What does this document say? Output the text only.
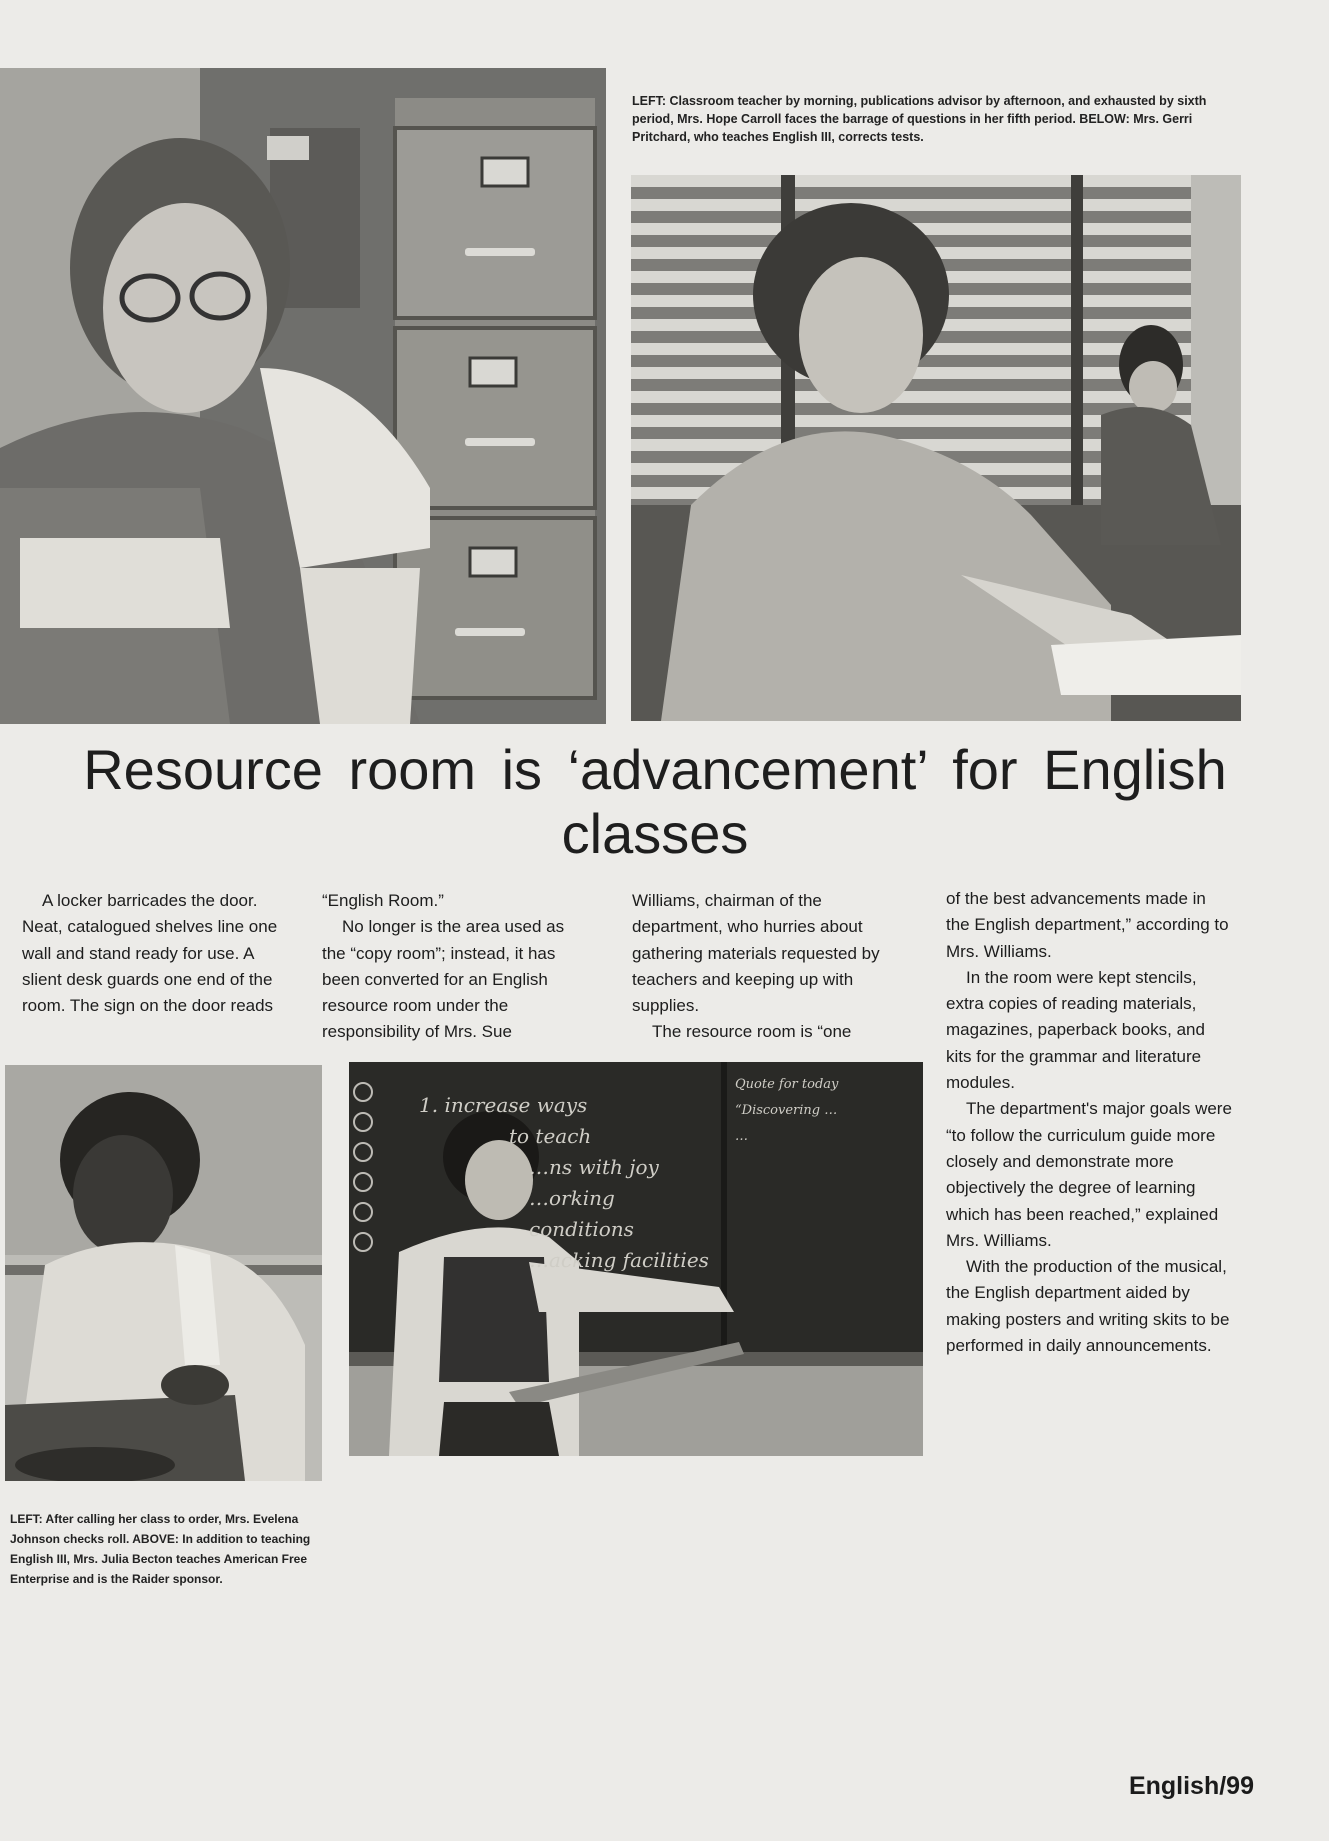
LEFT: Classroom teacher by morning, publications advisor by afternoon, and exhausted by sixth period, Mrs. Hope Carroll faces the barrage of questions in her fifth period. BELOW: Mrs. Gerri Pritchard, who teaches English III, corrects tests.

Resource room is ‘advancement’ for English classes

A locker barricades the door. Neat, catalogued shelves line one wall and stand ready for use. A slient desk guards one end of the room. The sign on the door reads

“English Room.”

No longer is the area used as the “copy room”; instead, it has been converted for an English resource room under the responsibility of Mrs. Sue

Williams, chairman of the department, who hurries about gathering materials requested by teachers and keeping up with supplies.

The resource room is “one

of the best advancements made in the English department,” according to Mrs. Williams.

In the room were kept stencils, extra copies of reading materials, magazines, paperback books, and kits for the grammar and literature modules.

The department's major goals were “to follow the curriculum guide more closely and demonstrate more objectively the degree of learning which has been reached,” explained Mrs. Williams.

With the production of the musical, the English department aided by making posters and writing skits to be performed in daily announcements.

1. increase ways
to teach
…ns with joy
…orking conditions
…acking facilities
Quote for today
“Discovering …
…

LEFT: After calling her class to order, Mrs. Evelena Johnson checks roll. ABOVE: In addition to teaching English III, Mrs. Julia Becton teaches American Free Enterprise and is the Raider sponsor.

English/99
